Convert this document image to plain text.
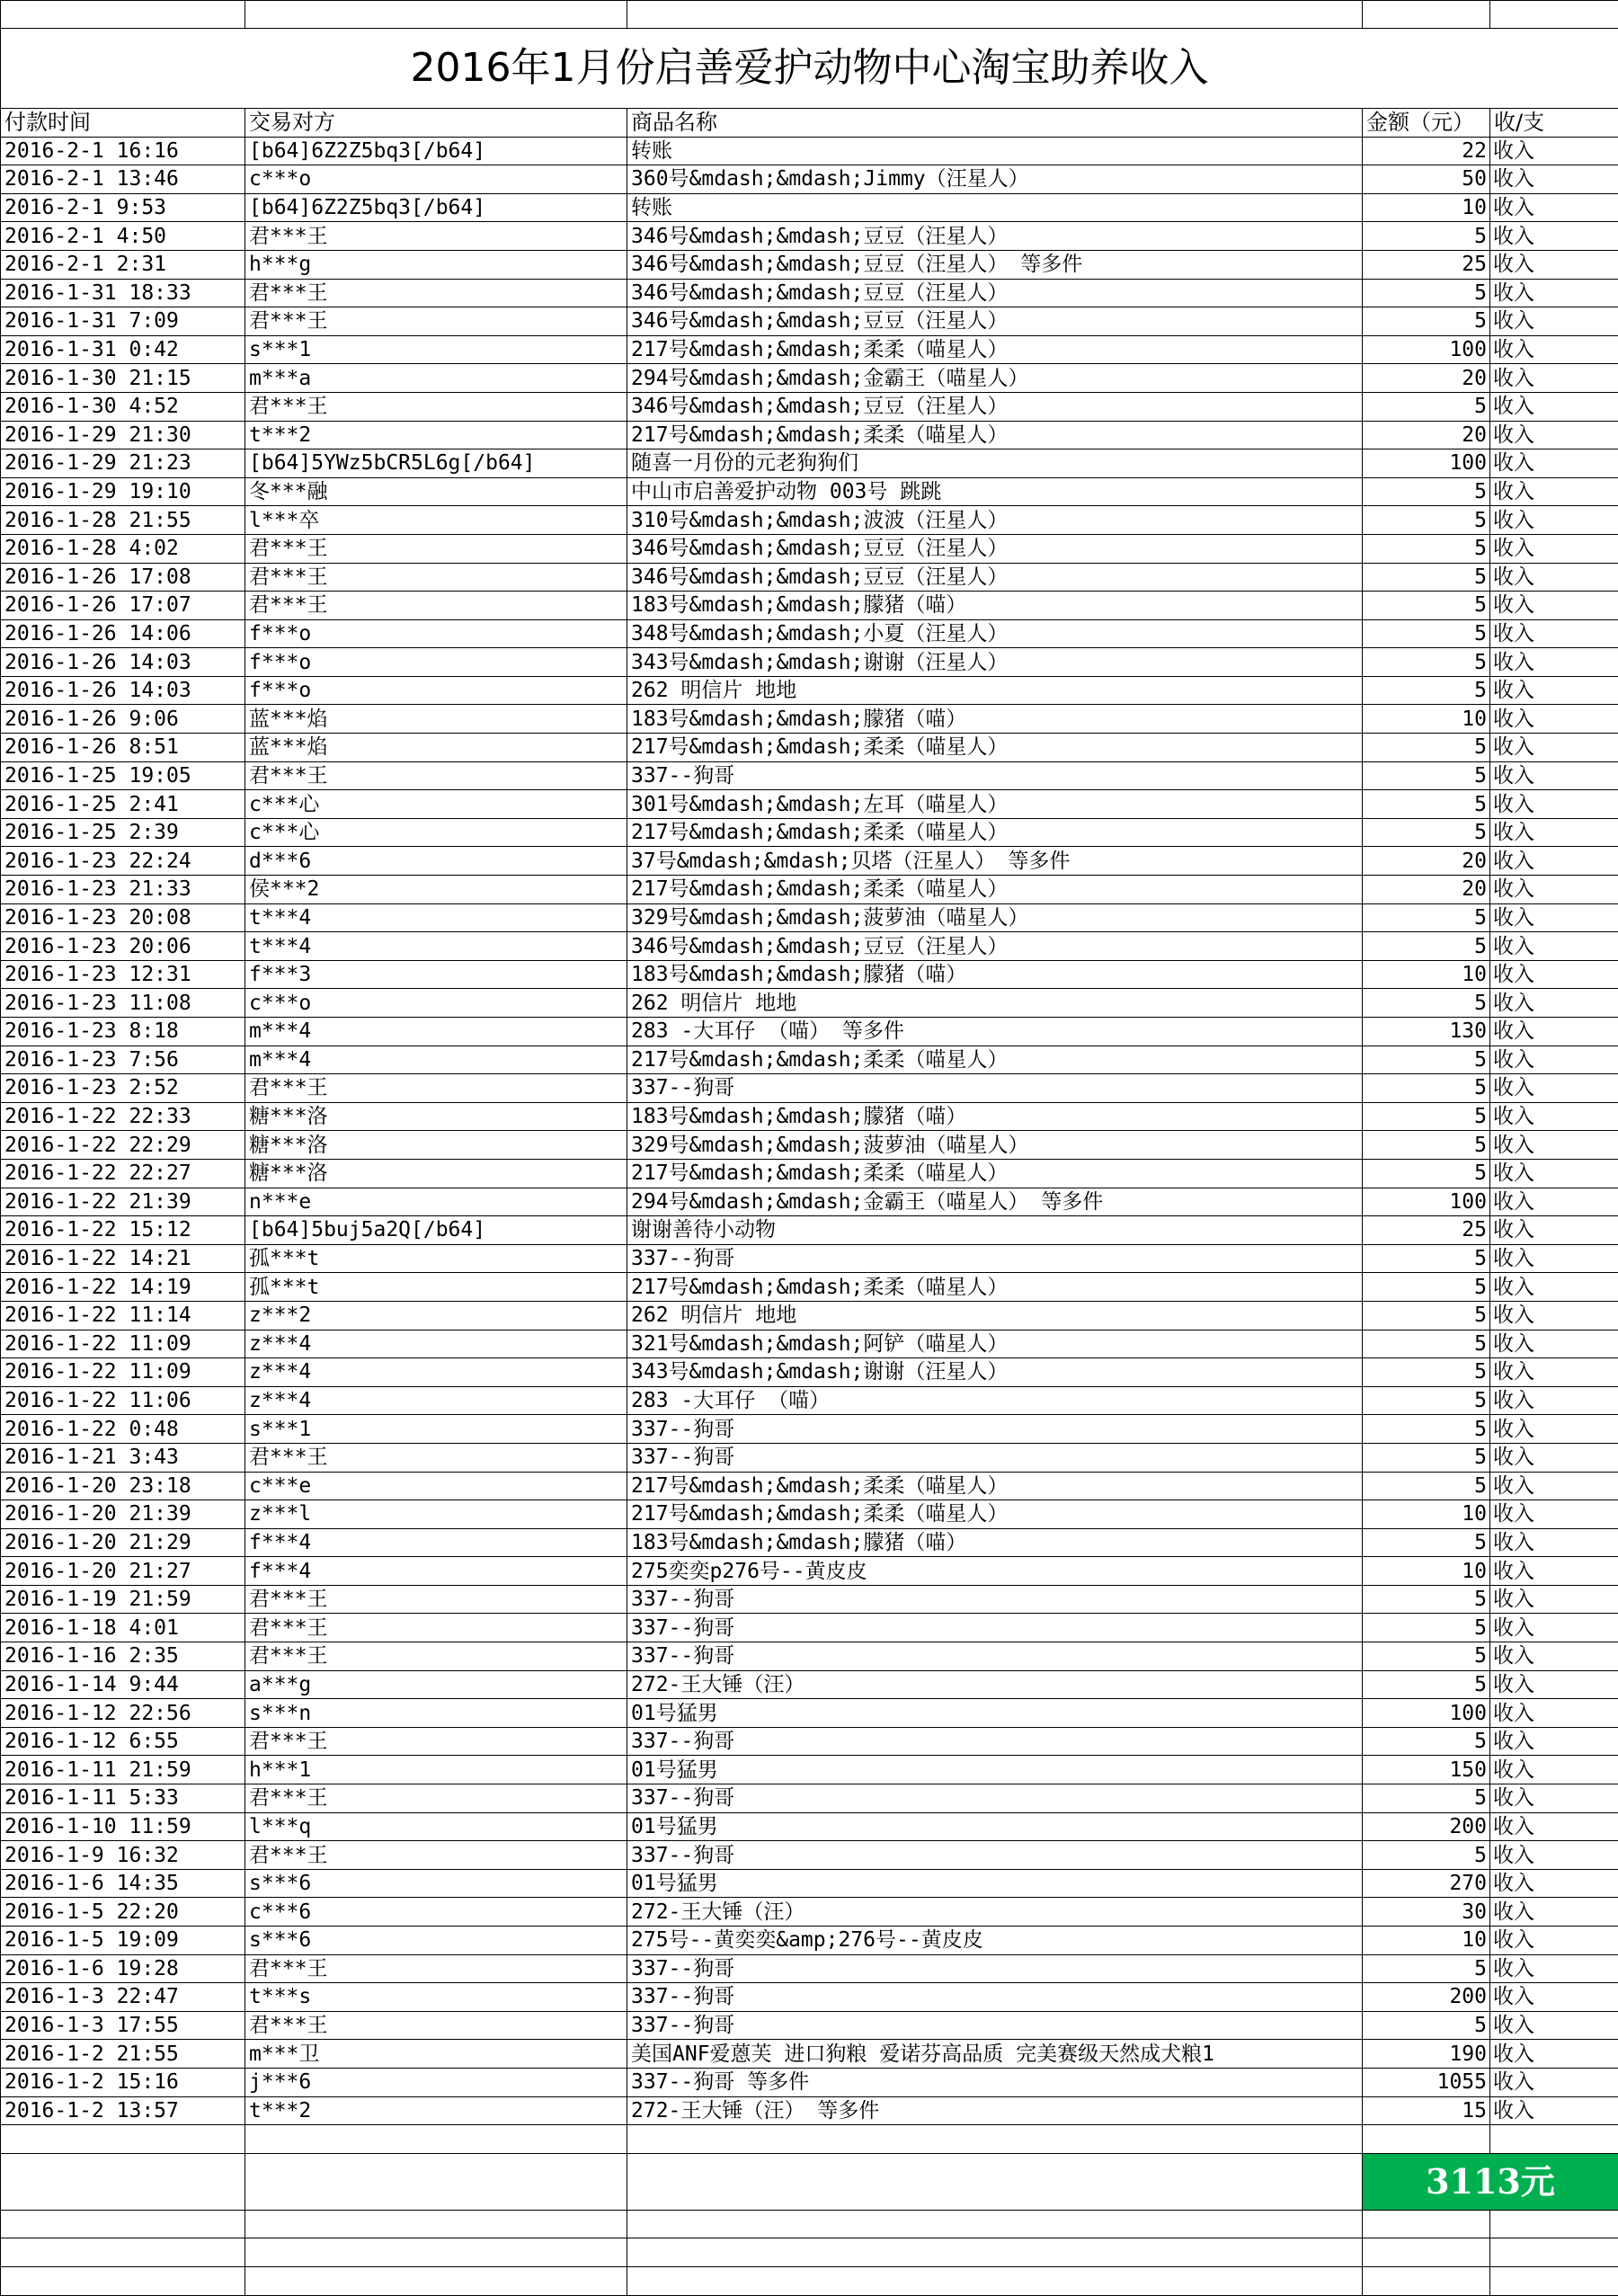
2016年1月份启善爱护动物中心淘宝助养收入				
付款时间	交易对方	商品名称	金额（元）	收/支
2016-2-1 16:16	[b64]6Z2Z5bq3[/b64]	转账	22	收入
2016-2-1 13:46	c***o	360号&mdash;&mdash;Jimmy（汪星人）	50	收入
2016-2-1 9:53	[b64]6Z2Z5bq3[/b64]	转账	10	收入
2016-2-1 4:50	君***王	346号&mdash;&mdash;豆豆（汪星人）	5	收入
2016-2-1 2:31	h***g	346号&mdash;&mdash;豆豆（汪星人） 等多件	25	收入
2016-1-31 18:33	君***王	346号&mdash;&mdash;豆豆（汪星人）	5	收入
2016-1-31 7:09	君***王	346号&mdash;&mdash;豆豆（汪星人）	5	收入
2016-1-31 0:42	s***1	217号&mdash;&mdash;柔柔（喵星人）	100	收入
2016-1-30 21:15	m***a	294号&mdash;&mdash;金霸王（喵星人）	20	收入
2016-1-30 4:52	君***王	346号&mdash;&mdash;豆豆（汪星人）	5	收入
2016-1-29 21:30	t***2	217号&mdash;&mdash;柔柔（喵星人）	20	收入
2016-1-29 21:23	[b64]5YWz5bCR5L6g[/b64]	随喜一月份的元老狗狗们	100	收入
2016-1-29 19:10	冬***融	中山市启善爱护动物 003号 跳跳	5	收入
2016-1-28 21:55	l***卒	310号&mdash;&mdash;波波（汪星人）	5	收入
2016-1-28 4:02	君***王	346号&mdash;&mdash;豆豆（汪星人）	5	收入
2016-1-26 17:08	君***王	346号&mdash;&mdash;豆豆（汪星人）	5	收入
2016-1-26 17:07	君***王	183号&mdash;&mdash;朦猪（喵）	5	收入
2016-1-26 14:06	f***o	348号&mdash;&mdash;小夏（汪星人）	5	收入
2016-1-26 14:03	f***o	343号&mdash;&mdash;谢谢（汪星人）	5	收入
2016-1-26 14:03	f***o	262 明信片 地地	5	收入
2016-1-26 9:06	蓝***焰	183号&mdash;&mdash;朦猪（喵）	10	收入
2016-1-26 8:51	蓝***焰	217号&mdash;&mdash;柔柔（喵星人）	5	收入
2016-1-25 19:05	君***王	337--狗哥	5	收入
2016-1-25 2:41	c***心	301号&mdash;&mdash;左耳（喵星人）	5	收入
2016-1-25 2:39	c***心	217号&mdash;&mdash;柔柔（喵星人）	5	收入
2016-1-23 22:24	d***6	37号&mdash;&mdash;贝塔（汪星人） 等多件	20	收入
2016-1-23 21:33	侯***2	217号&mdash;&mdash;柔柔（喵星人）	20	收入
2016-1-23 20:08	t***4	329号&mdash;&mdash;菠萝油（喵星人）	5	收入
2016-1-23 20:06	t***4	346号&mdash;&mdash;豆豆（汪星人）	5	收入
2016-1-23 12:31	f***3	183号&mdash;&mdash;朦猪（喵）	10	收入
2016-1-23 11:08	c***o	262 明信片 地地	5	收入
2016-1-23 8:18	m***4	283 -大耳仔 （喵） 等多件	130	收入
2016-1-23 7:56	m***4	217号&mdash;&mdash;柔柔（喵星人）	5	收入
2016-1-23 2:52	君***王	337--狗哥	5	收入
2016-1-22 22:33	糖***洛	183号&mdash;&mdash;朦猪（喵）	5	收入
2016-1-22 22:29	糖***洛	329号&mdash;&mdash;菠萝油（喵星人）	5	收入
2016-1-22 22:27	糖***洛	217号&mdash;&mdash;柔柔（喵星人）	5	收入
2016-1-22 21:39	n***e	294号&mdash;&mdash;金霸王（喵星人） 等多件	100	收入
2016-1-22 15:12	[b64]5buj5a2Q[/b64]	谢谢善待小动物	25	收入
2016-1-22 14:21	孤***t	337--狗哥	5	收入
2016-1-22 14:19	孤***t	217号&mdash;&mdash;柔柔（喵星人）	5	收入
2016-1-22 11:14	z***2	262 明信片 地地	5	收入
2016-1-22 11:09	z***4	321号&mdash;&mdash;阿铲（喵星人）	5	收入
2016-1-22 11:09	z***4	343号&mdash;&mdash;谢谢（汪星人）	5	收入
2016-1-22 11:06	z***4	283 -大耳仔 （喵）	5	收入
2016-1-22 0:48	s***1	337--狗哥	5	收入
2016-1-21 3:43	君***王	337--狗哥	5	收入
2016-1-20 23:18	c***e	217号&mdash;&mdash;柔柔（喵星人）	5	收入
2016-1-20 21:39	z***l	217号&mdash;&mdash;柔柔（喵星人）	10	收入
2016-1-20 21:29	f***4	183号&mdash;&mdash;朦猪（喵）	5	收入
2016-1-20 21:27	f***4	275奕奕p276号--黄皮皮	10	收入
2016-1-19 21:59	君***王	337--狗哥	5	收入
2016-1-18 4:01	君***王	337--狗哥	5	收入
2016-1-16 2:35	君***王	337--狗哥	5	收入
2016-1-14 9:44	a***g	272-王大锤（汪）	5	收入
2016-1-12 22:56	s***n	01号猛男	100	收入
2016-1-12 6:55	君***王	337--狗哥	5	收入
2016-1-11 21:59	h***1	01号猛男	150	收入
2016-1-11 5:33	君***王	337--狗哥	5	收入
2016-1-10 11:59	l***q	01号猛男	200	收入
2016-1-9 16:32	君***王	337--狗哥	5	收入
2016-1-6 14:35	s***6	01号猛男	270	收入
2016-1-5 22:20	c***6	272-王大锤（汪）	30	收入
2016-1-5 19:09	s***6	275号--黄奕奕&amp;276号--黄皮皮	10	收入
2016-1-6 19:28	君***王	337--狗哥	5	收入
2016-1-3 22:47	t***s	337--狗哥	200	收入
2016-1-3 17:55	君***王	337--狗哥	5	收入
2016-1-2 21:55	m***卫	美国ANF爱蒽芙 进口狗粮 爱诺芬高品质 完美赛级天然成犬粮1	190	收入
2016-1-2 15:16	j***6	337--狗哥 等多件	1055	收入
2016-1-2 13:57	t***2	272-王大锤（汪） 等多件	15	收入

			3113元	
